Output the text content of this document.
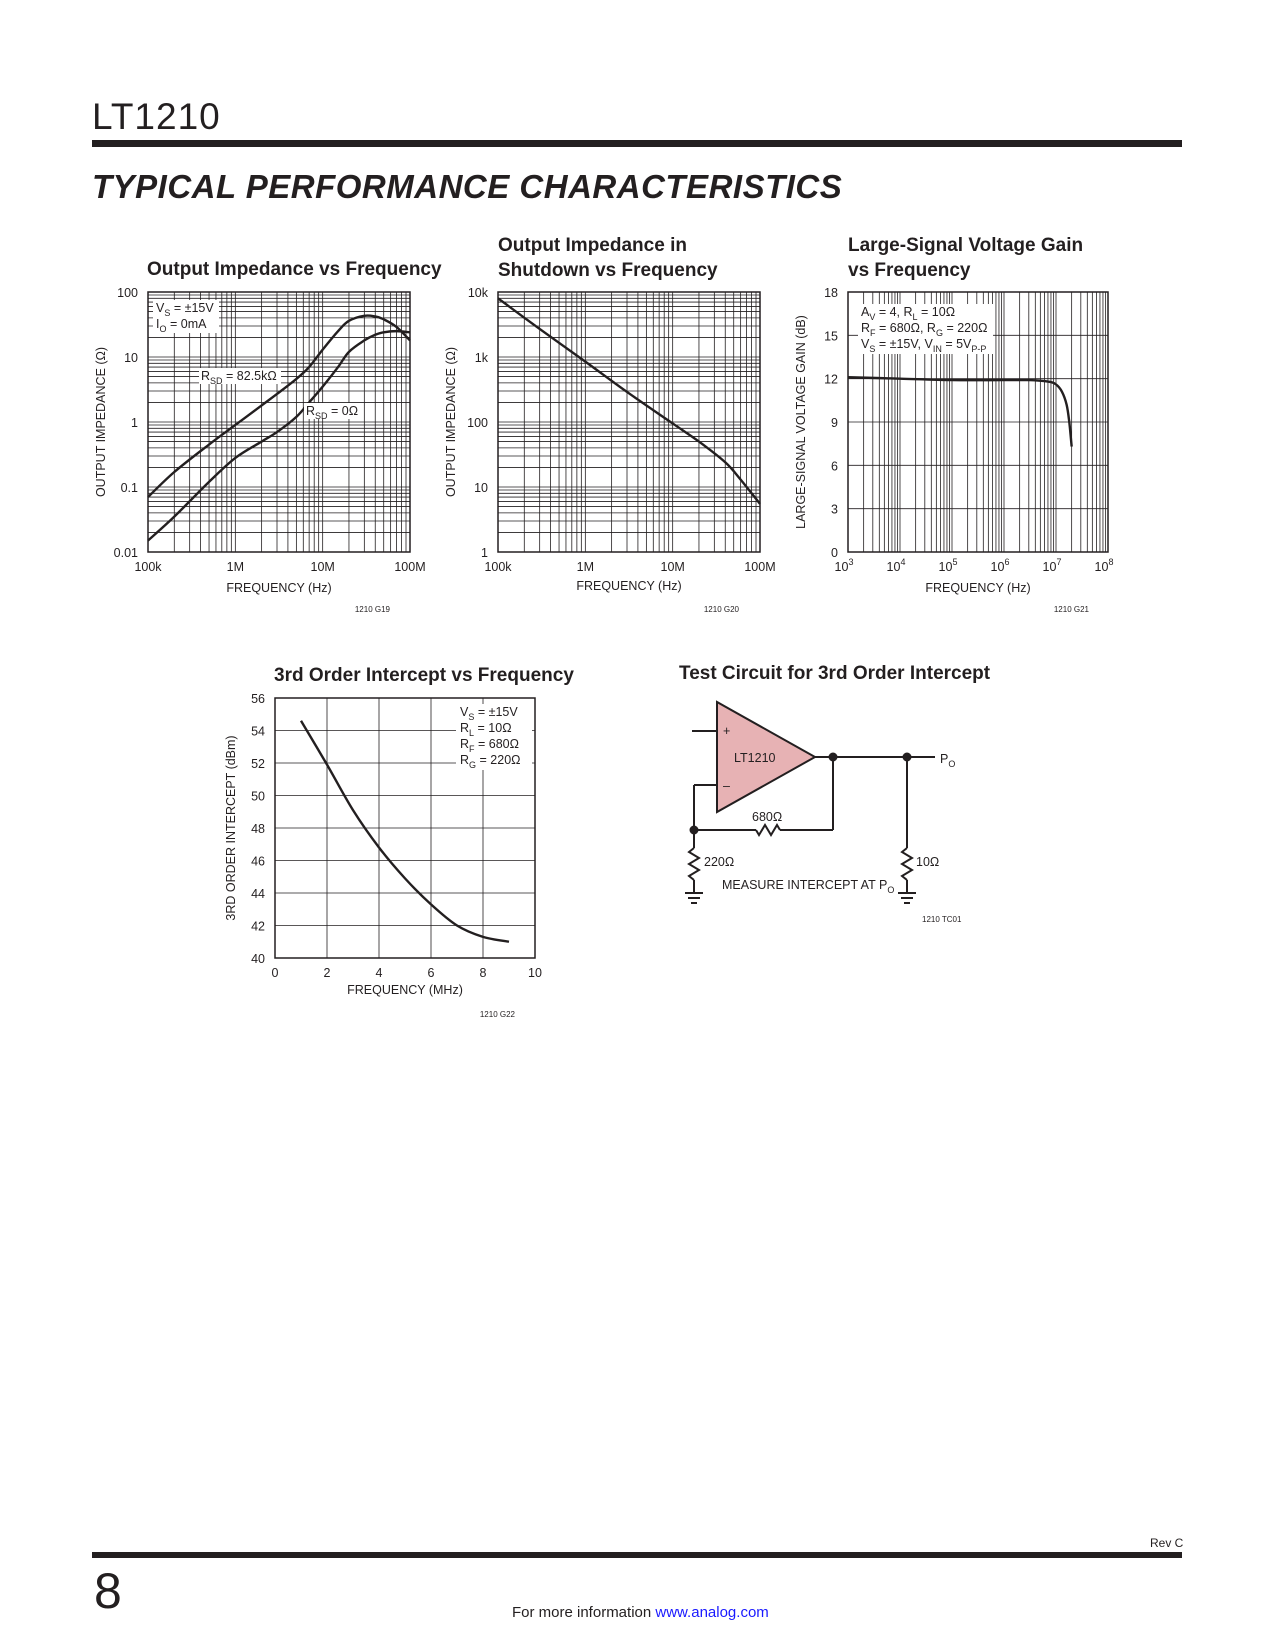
LT1210
TYPICAL PERFORMANCE CHARACTERISTICS
Output Impedance vs Frequency
Output Impedance in Shutdown vs Frequency
Large-Signal Voltage Gain vs Frequency
3rd Order Intercept vs Frequency	Test Circuit for 3rd Order Intercept
100k	1M	10M	100M
0.01
0.1
1
10
100
FREQUENCY (Hz)
OUTPUT IMPEDANCE (Ω)
1210 G19
$V_S = \pm 15V$
$I_O = 0mA$
$R_{SD} = 82.5k\Omega$
$R_{SD} = 0\Omega$
100k	1M	10M	100M
1
10
100
1k
10k
FREQUENCY (Hz)
OUTPUT IMPEDANCE (Ω)
1210 G20
$10^3$	$10^4$	$10^5$	$10^6$	$10^7$	$10^8$
0
3
6
9
12
15
18
FREQUENCY (Hz)
LARGE-SIGNAL VOLTAGE GAIN (dB)
1210 G21
$A_V = 4$, $R_L = 10\Omega$
$R_F = 680\Omega$, $R_G = 220\Omega$
$V_S = \pm 15V$, $V_{IN} = 5V_{P-P}$
0	2	4	6	8	10
40
42
44
46
48
50
52
54
56
FREQUENCY (MHz)
3RD ORDER INTERCEPT (dBm)
1210 G22
$V_S = \pm 15V$
$R_L = 10\Omega$
$R_F = 680\Omega$
$R_G = 220\Omega$
+
–
LT1210	$P_O$
680Ω
220Ω	10Ω
MEASURE INTERCEPT AT $P_O$
1210 TC01
Rev C
8	For more information www.analog.com
